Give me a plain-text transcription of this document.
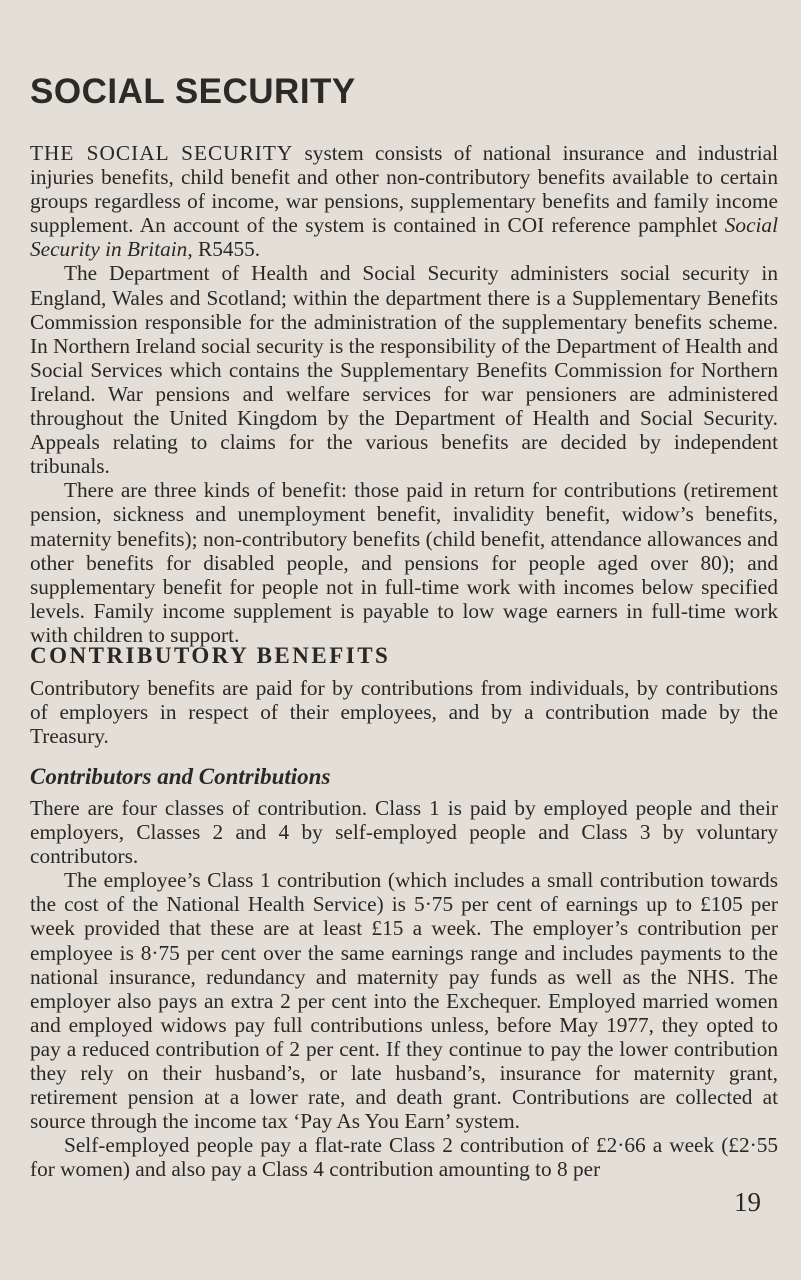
SOCIAL SECURITY

THE SOCIAL SECURITY system consists of national insurance and industrial injuries benefits, child benefit and other non-contributory benefits available to certain groups regardless of income, war pensions, supplementary benefits and family income supplement. An account of the system is contained in COI reference pamphlet Social Security in Britain, R5455.

The Department of Health and Social Security administers social security in England, Wales and Scotland; within the department there is a Supplementary Benefits Commission responsible for the administration of the supplementary benefits scheme. In Northern Ireland social security is the responsibility of the Department of Health and Social Services which contains the Supplementary Benefits Commission for Northern Ireland. War pensions and welfare services for war pensioners are administered throughout the United Kingdom by the Department of Health and Social Security. Appeals relating to claims for the various benefits are decided by independent tribunals.

There are three kinds of benefit: those paid in return for contributions (retirement pension, sickness and unemployment benefit, invalidity benefit, widow’s benefits, maternity benefits); non-contributory benefits (child benefit, attendance allowances and other benefits for disabled people, and pensions for people aged over 80); and supplementary benefit for people not in full-time work with incomes below specified levels. Family income supplement is payable to low wage earners in full-time work with children to support.

CONTRIBUTORY BENEFITS

Contributory benefits are paid for by contributions from individuals, by contributions of employers in respect of their employees, and by a contribution made by the Treasury.

Contributors and Contributions

There are four classes of contribution. Class 1 is paid by employed people and their employers, Classes 2 and 4 by self-employed people and Class 3 by voluntary contributors.

The employee’s Class 1 contribution (which includes a small contribution towards the cost of the National Health Service) is 5·75 per cent of earnings up to £105 per week provided that these are at least £15 a week. The employer’s contribution per employee is 8·75 per cent over the same earnings range and includes payments to the national insurance, redundancy and maternity pay funds as well as the NHS. The employer also pays an extra 2 per cent into the Exchequer. Employed married women and employed widows pay full contributions unless, before May 1977, they opted to pay a reduced contribution of 2 per cent. If they continue to pay the lower contribution they rely on their husband’s, or late husband’s, insurance for maternity grant, retirement pension at a lower rate, and death grant. Contributions are collected at source through the income tax ‘Pay As You Earn’ system.

Self-employed people pay a flat-rate Class 2 contribution of £2·66 a week (£2·55 for women) and also pay a Class 4 contribution amounting to 8 per

19
